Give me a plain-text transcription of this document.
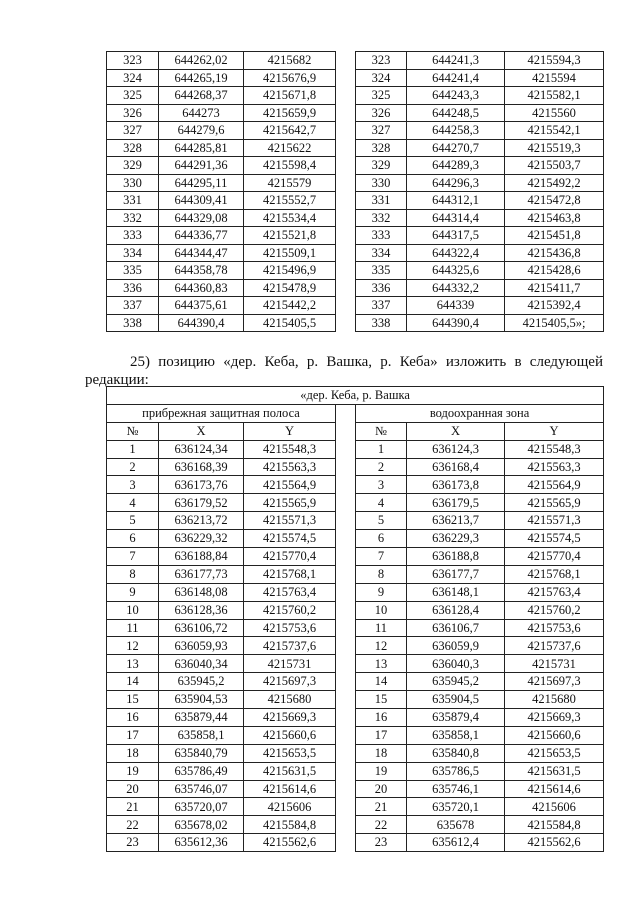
323	644262,02	4215682		323	644241,3	4215594,3
324	644265,19	4215676,9		324	644241,4	4215594
325	644268,37	4215671,8		325	644243,3	4215582,1
326	644273	4215659,9		326	644248,5	4215560
327	644279,6	4215642,7		327	644258,3	4215542,1
328	644285,81	4215622		328	644270,7	4215519,3
329	644291,36	4215598,4		329	644289,3	4215503,7
330	644295,11	4215579		330	644296,3	4215492,2
331	644309,41	4215552,7		331	644312,1	4215472,8
332	644329,08	4215534,4		332	644314,4	4215463,8
333	644336,77	4215521,8		333	644317,5	4215451,8
334	644344,47	4215509,1		334	644322,4	4215436,8
335	644358,78	4215496,9		335	644325,6	4215428,6
336	644360,83	4215478,9		336	644332,2	4215411,7
337	644375,61	4215442,2		337	644339	4215392,4
338	644390,4	4215405,5		338	644390,4	4215405,5»;

25) позицию «дер. Кеба, р. Вашка, р. Кеба» изложить в следующей

редакции:

«дер. Кеба, р. Вашка						
прибрежная защитная полоса				водоохранная зона		
№	X	Y		№	X	Y
1	636124,34	4215548,3		1	636124,3	4215548,3
2	636168,39	4215563,3		2	636168,4	4215563,3
3	636173,76	4215564,9		3	636173,8	4215564,9
4	636179,52	4215565,9		4	636179,5	4215565,9
5	636213,72	4215571,3		5	636213,7	4215571,3
6	636229,32	4215574,5		6	636229,3	4215574,5
7	636188,84	4215770,4		7	636188,8	4215770,4
8	636177,73	4215768,1		8	636177,7	4215768,1
9	636148,08	4215763,4		9	636148,1	4215763,4
10	636128,36	4215760,2		10	636128,4	4215760,2
11	636106,72	4215753,6		11	636106,7	4215753,6
12	636059,93	4215737,6		12	636059,9	4215737,6
13	636040,34	4215731		13	636040,3	4215731
14	635945,2	4215697,3		14	635945,2	4215697,3
15	635904,53	4215680		15	635904,5	4215680
16	635879,44	4215669,3		16	635879,4	4215669,3
17	635858,1	4215660,6		17	635858,1	4215660,6
18	635840,79	4215653,5		18	635840,8	4215653,5
19	635786,49	4215631,5		19	635786,5	4215631,5
20	635746,07	4215614,6		20	635746,1	4215614,6
21	635720,07	4215606		21	635720,1	4215606
22	635678,02	4215584,8		22	635678	4215584,8
23	635612,36	4215562,6		23	635612,4	4215562,6
